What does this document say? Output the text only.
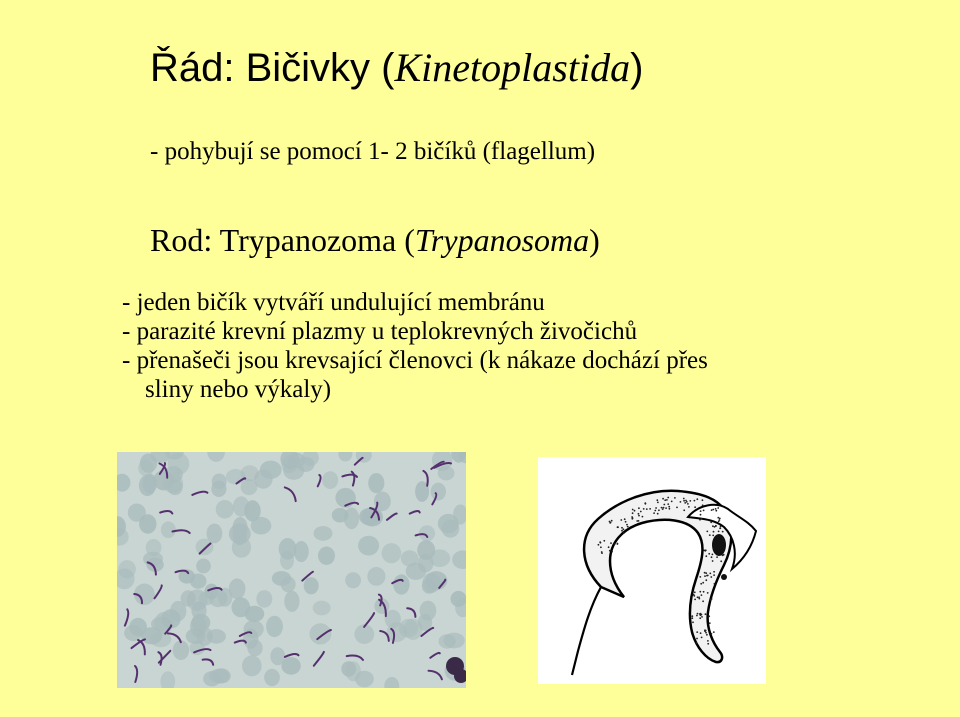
Řád: Bičivky (Kinetoplastida)
- pohybují se pomocí 1- 2 bičíků (flagellum)
Rod: Trypanozoma (Trypanosoma)
- jeden bičík vytváří undulující membránu
- parazité krevní plazmy u teplokrevných živočichů
- přenašeči jsou krevsající členovci (k nákaze dochází přes
sliny nebo výkaly)
